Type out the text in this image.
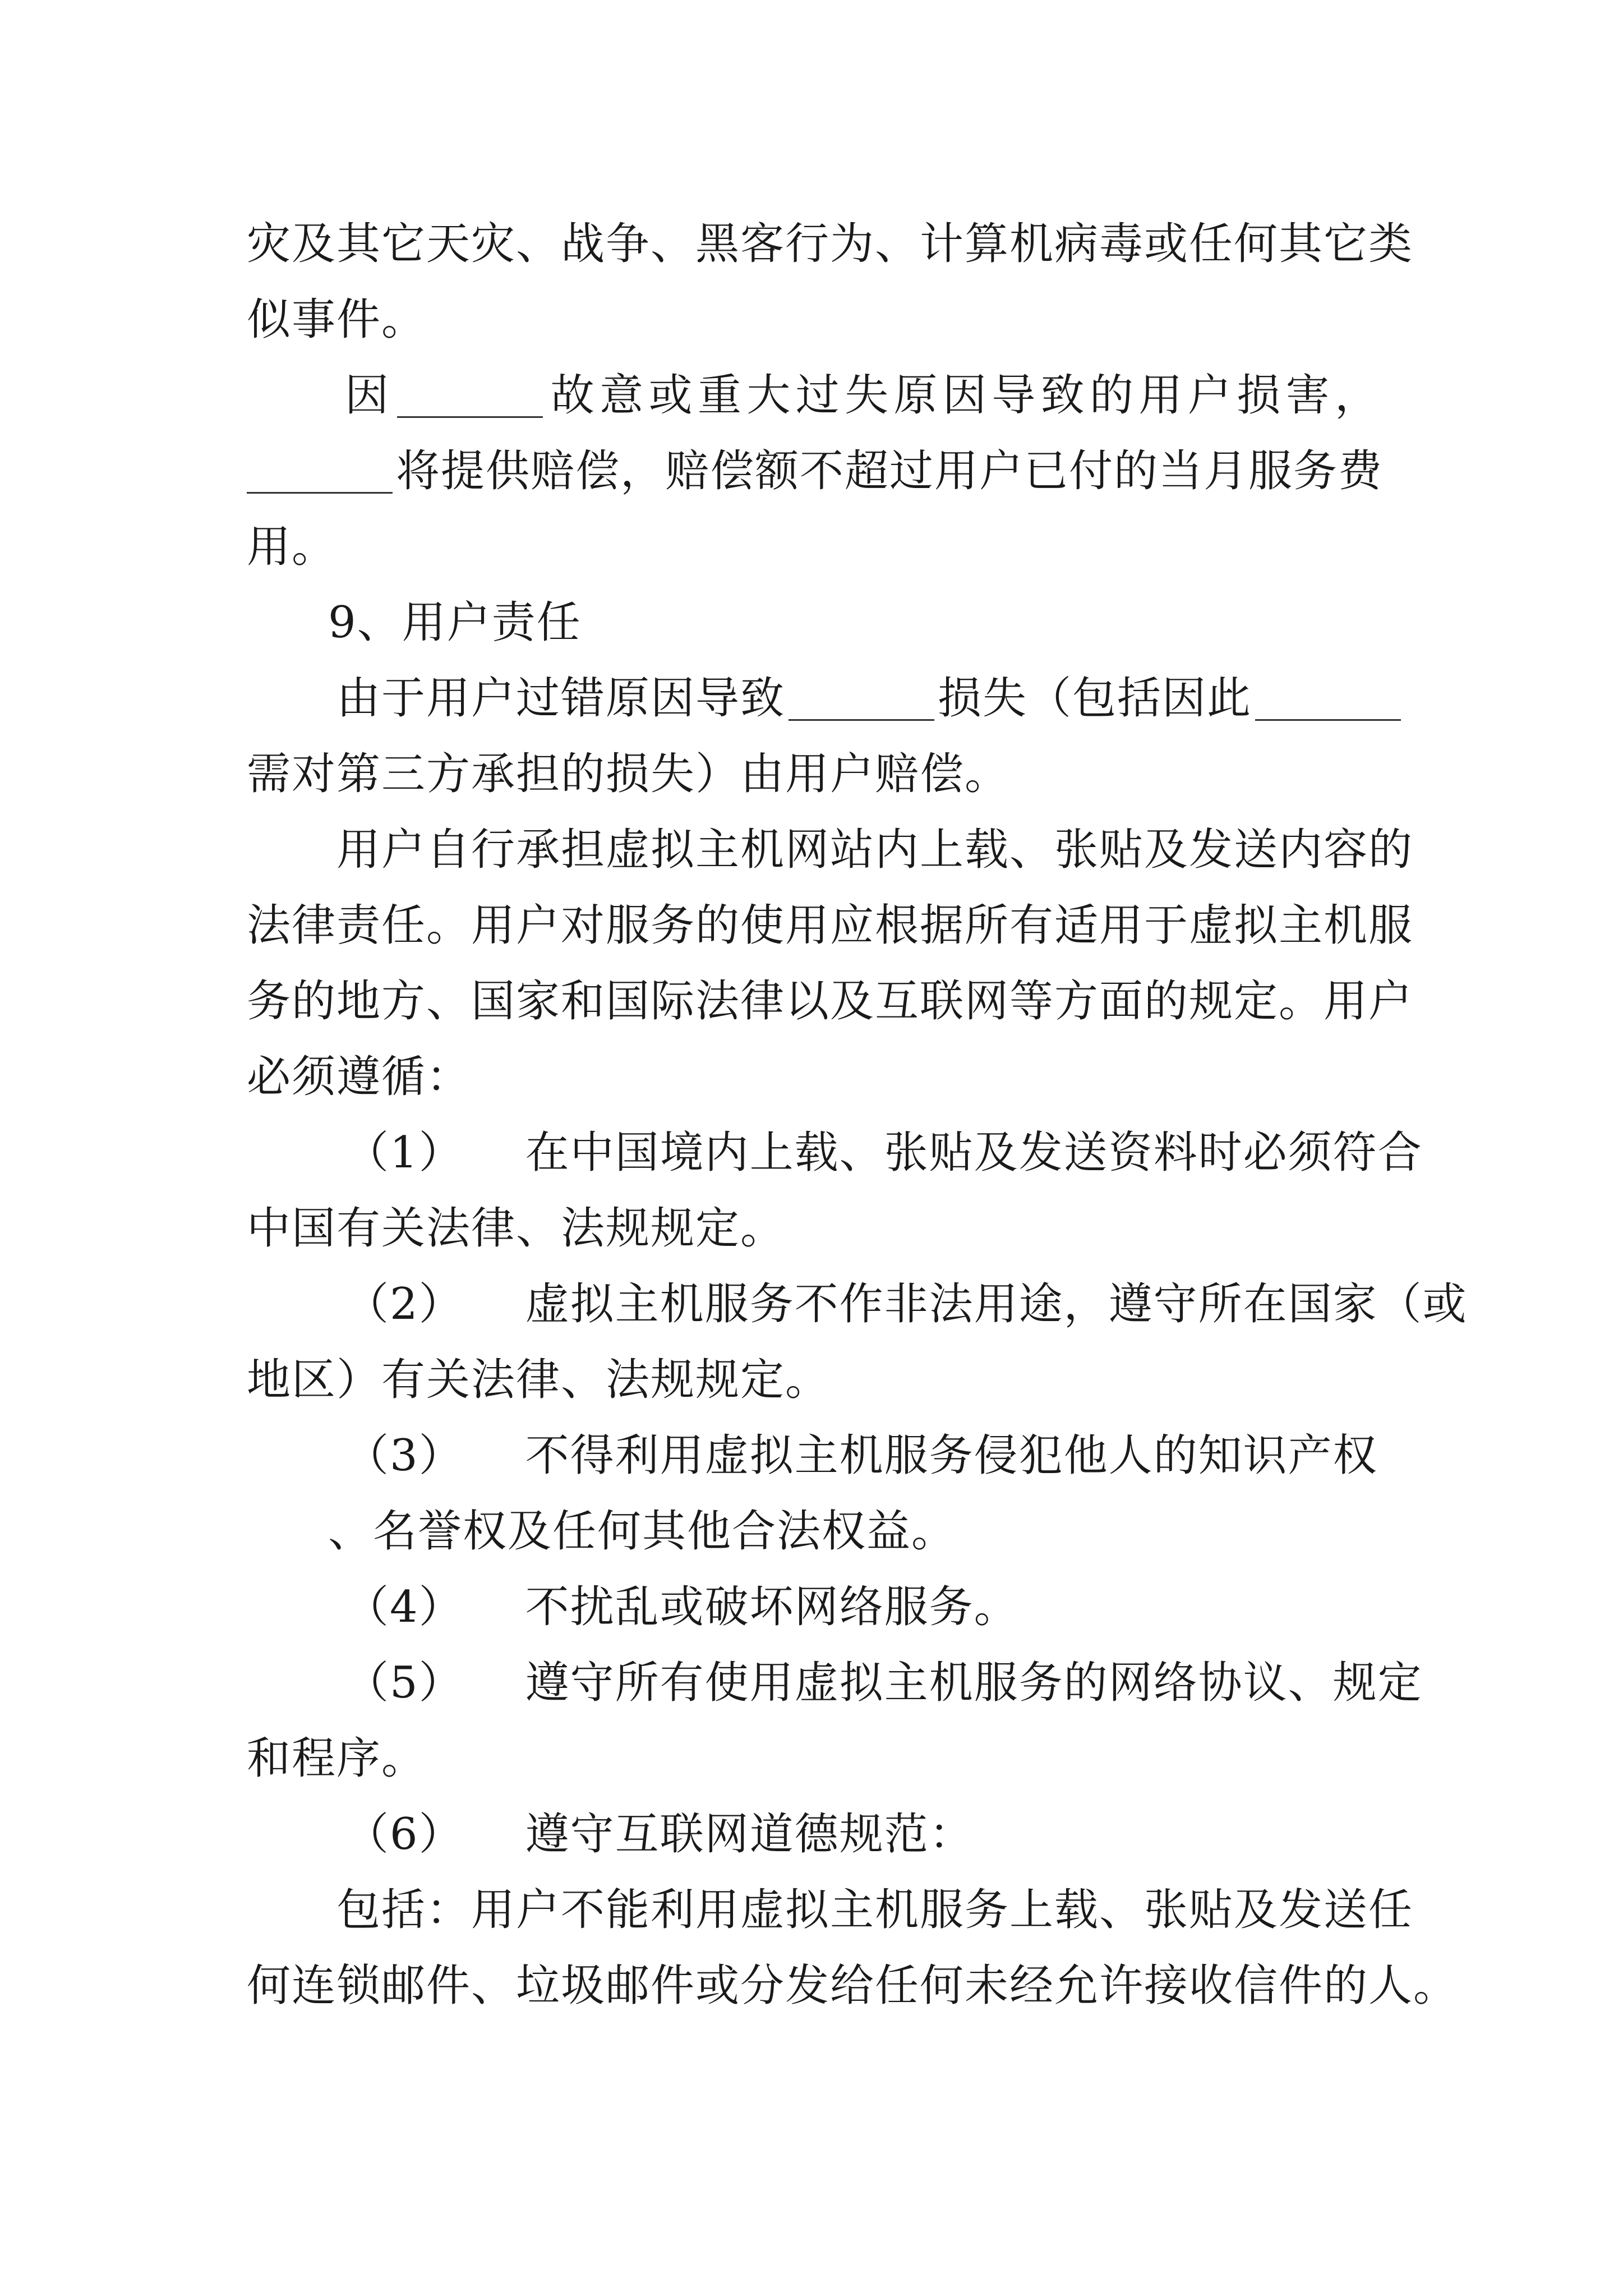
灾及其它天灾、战争、黑客行为、计算机病毒或任何其它类
似事件。
因	故意或重大过失原因导致的用户损害，
将提供赔偿，赔偿额不超过用户已付的当月服务费
用。
9、用户责任
由于用户过错原因导致	损失（包括因此
需对第三方承担的损失）由用户赔偿。
用户自行承担虚拟主机网站内上载、张贴及发送内容的
法律责任。用户对服务的使用应根据所有适用于虚拟主机服
务的地方、国家和国际法律以及互联网等方面的规定。用户
必须遵循：
（1） 在中国境内上载、张贴及发送资料时必须符合
中国有关法律、法规规定。
（2） 虚拟主机服务不作非法用途，遵守所在国家（或
地区）有关法律、法规规定。
（3） 不得利用虚拟主机服务侵犯他人的知识产权
、名誉权及任何其他合法权益。
（4） 不扰乱或破坏网络服务。
（5） 遵守所有使用虚拟主机服务的网络协议、规定
和程序。
（6） 遵守互联网道德规范：
包括：用户不能利用虚拟主机服务上载、张贴及发送任
何连锁邮件、垃圾邮件或分发给任何未经允许接收信件的人。
